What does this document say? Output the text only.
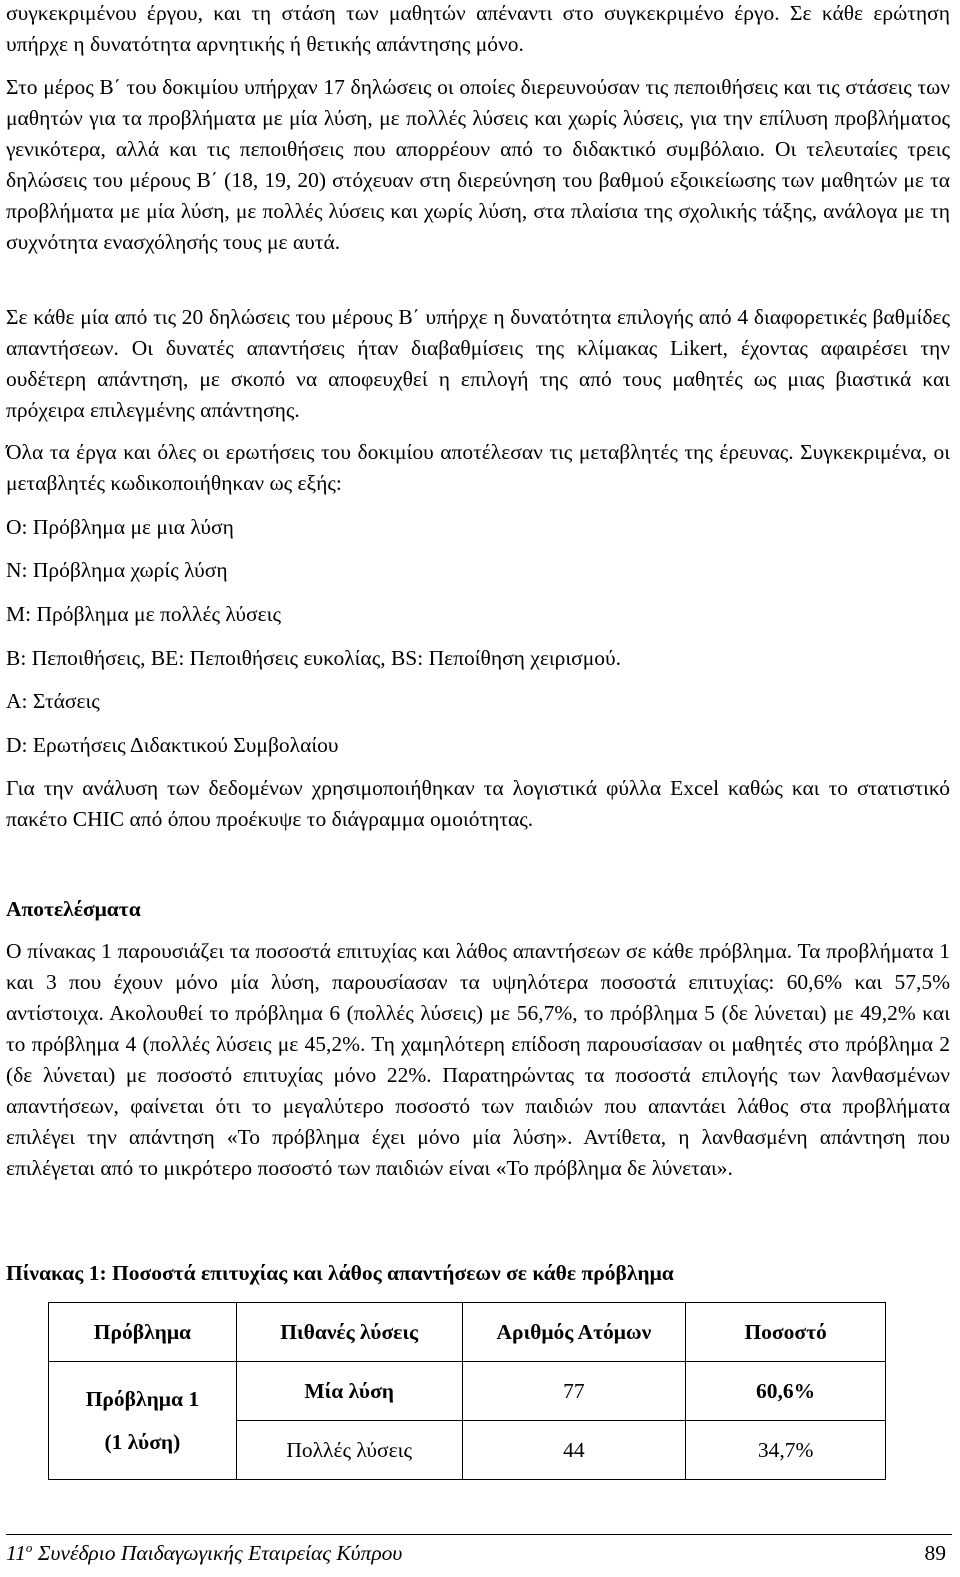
συγκεκριμένου έργου, και τη στάση των μαθητών απέναντι στο συγκεκριμένο έργο. Σε κάθε ερώτηση υπήρχε η δυνατότητα αρνητικής ή θετικής απάντησης μόνο.

Στο μέρος Β΄ του δοκιμίου υπήρχαν 17 δηλώσεις οι οποίες διερευνούσαν τις πεποιθήσεις και τις στάσεις των μαθητών για τα προβλήματα με μία λύση, με πολλές λύσεις και χωρίς λύσεις, για την επίλυση προβλήματος γενικότερα, αλλά και τις πεποιθήσεις που απορρέουν από το διδακτικό συμβόλαιο. Οι τελευταίες τρεις δηλώσεις του μέρους Β΄ (18, 19, 20) στόχευαν στη διερεύνηση του βαθμού εξοικείωσης των μαθητών με τα προβλήματα με μία λύση, με πολλές λύσεις και χωρίς λύση, στα πλαίσια της σχολικής τάξης, ανάλογα με τη συχνότητα ενασχόλησής τους με αυτά.

Σε κάθε μία από τις 20 δηλώσεις του μέρους Β΄ υπήρχε η δυνατότητα επιλογής από 4 διαφορετικές βαθμίδες απαντήσεων. Οι δυνατές απαντήσεις ήταν διαβαθμίσεις της κλίμακας Likert, έχοντας αφαιρέσει την ουδέτερη απάντηση, με σκοπό να αποφευχθεί η επιλογή της από τους μαθητές ως μιας βιαστικά και πρόχειρα επιλεγμένης απάντησης.

Όλα τα έργα και όλες οι ερωτήσεις του δοκιμίου αποτέλεσαν τις μεταβλητές της έρευνας. Συγκεκριμένα, οι μεταβλητές κωδικοποιήθηκαν ως εξής:

O: Πρόβλημα με μια λύση
N: Πρόβλημα χωρίς λύση
M: Πρόβλημα με πολλές λύσεις
B: Πεποιθήσεις, BE: Πεποιθήσεις ευκολίας, BS: Πεποίθηση χειρισμού.
A: Στάσεις
D: Ερωτήσεις Διδακτικού Συμβολαίου

Για την ανάλυση των δεδομένων χρησιμοποιήθηκαν τα λογιστικά φύλλα Excel καθώς και το στατιστικό πακέτο CHIC από όπου προέκυψε το διάγραμμα ομοιότητας.

Αποτελέσματα

Ο πίνακας 1 παρουσιάζει τα ποσοστά επιτυχίας και λάθος απαντήσεων σε κάθε πρόβλημα. Τα προβλήματα 1 και 3 που έχουν μόνο μία λύση, παρουσίασαν τα υψηλότερα ποσοστά επιτυχίας: 60,6% και 57,5% αντίστοιχα. Ακολουθεί το πρόβλημα 6 (πολλές λύσεις) με 56,7%, το πρόβλημα 5 (δε λύνεται) με 49,2% και το πρόβλημα 4 (πολλές λύσεις με 45,2%. Τη χαμηλότερη επίδοση παρουσίασαν οι μαθητές στο πρόβλημα 2 (δε λύνεται) με ποσοστό επιτυχίας μόνο 22%. Παρατηρώντας τα ποσοστά επιλογής των λανθασμένων απαντήσεων, φαίνεται ότι το μεγαλύτερο ποσοστό των παιδιών που απαντάει λάθος στα προβλήματα επιλέγει την απάντηση «Το πρόβλημα έχει μόνο μία λύση». Αντίθετα, η λανθασμένη απάντηση που επιλέγεται από το μικρότερο ποσοστό των παιδιών είναι «Το πρόβλημα δε λύνεται».

Πίνακας 1: Ποσοστά επιτυχίας και λάθος απαντήσεων σε κάθε πρόβλημα
Πρόβλημα	Πιθανές λύσεις	Αριθμός Ατόμων	Ποσοστό

Πρόβλημα 1
(1 λύση)	Μία λύση	77	60,6%
	Πολλές λύσεις	44	34,7%
$11^o$ Συνέδριο Παιδαγωγικής Εταιρείας Κύπρου	89
